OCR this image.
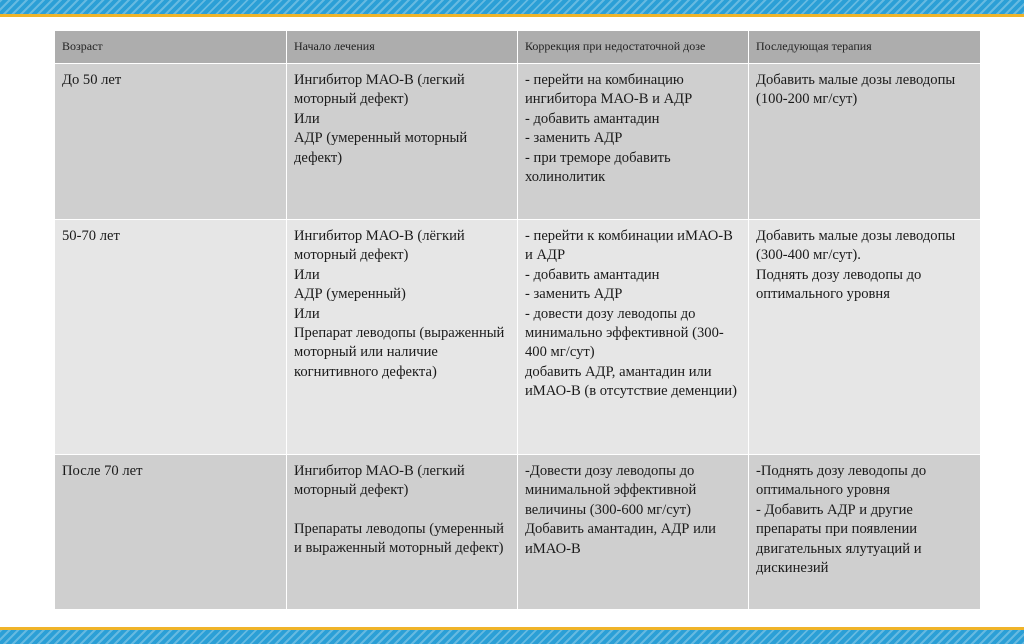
Возраст	Начало лечения	Коррекция при недостаточной дозе	Последующая терапия

До 50 лет	Ингибитор МАО-В (легкий моторный дефект)
Или
АДР (умеренный моторный дефект)	- перейти на комбинацию ингибитора МАО-В и АДР
- добавить амантадин
- заменить АДР
- при треморе добавить холинолитик	Добавить малые дозы леводопы (100-200 мг/сут)

50-70 лет	Ингибитор МАО-В (лёгкий моторный дефект)
Или
АДР (умеренный)
Или
Препарат леводопы (выраженный моторный или наличие когнитивного дефекта)	- перейти к комбинации иМАО-В и АДР
- добавить амантадин
- заменить АДР
- довести дозу леводопы до минимально эффективной (300-400 мг/сут)
добавить АДР, амантадин или иМАО-В (в отсутствие деменции)	Добавить малые дозы леводопы (300-400 мг/сут).
Поднять дозу леводопы до оптимального уровня

После 70 лет	Ингибитор МАО-В (легкий моторный дефект)
Препараты леводопы (умеренный и выраженный моторный дефект)	-Довести дозу леводопы до минимальной эффективной величины (300-600 мг/сут)
Добавить амантадин, АДР или иМАО-В	-Поднять дозу леводопы до оптимального уровня
- Добавить АДР и другие препараты при появлении двигательных ялутуаций и дискинезий
